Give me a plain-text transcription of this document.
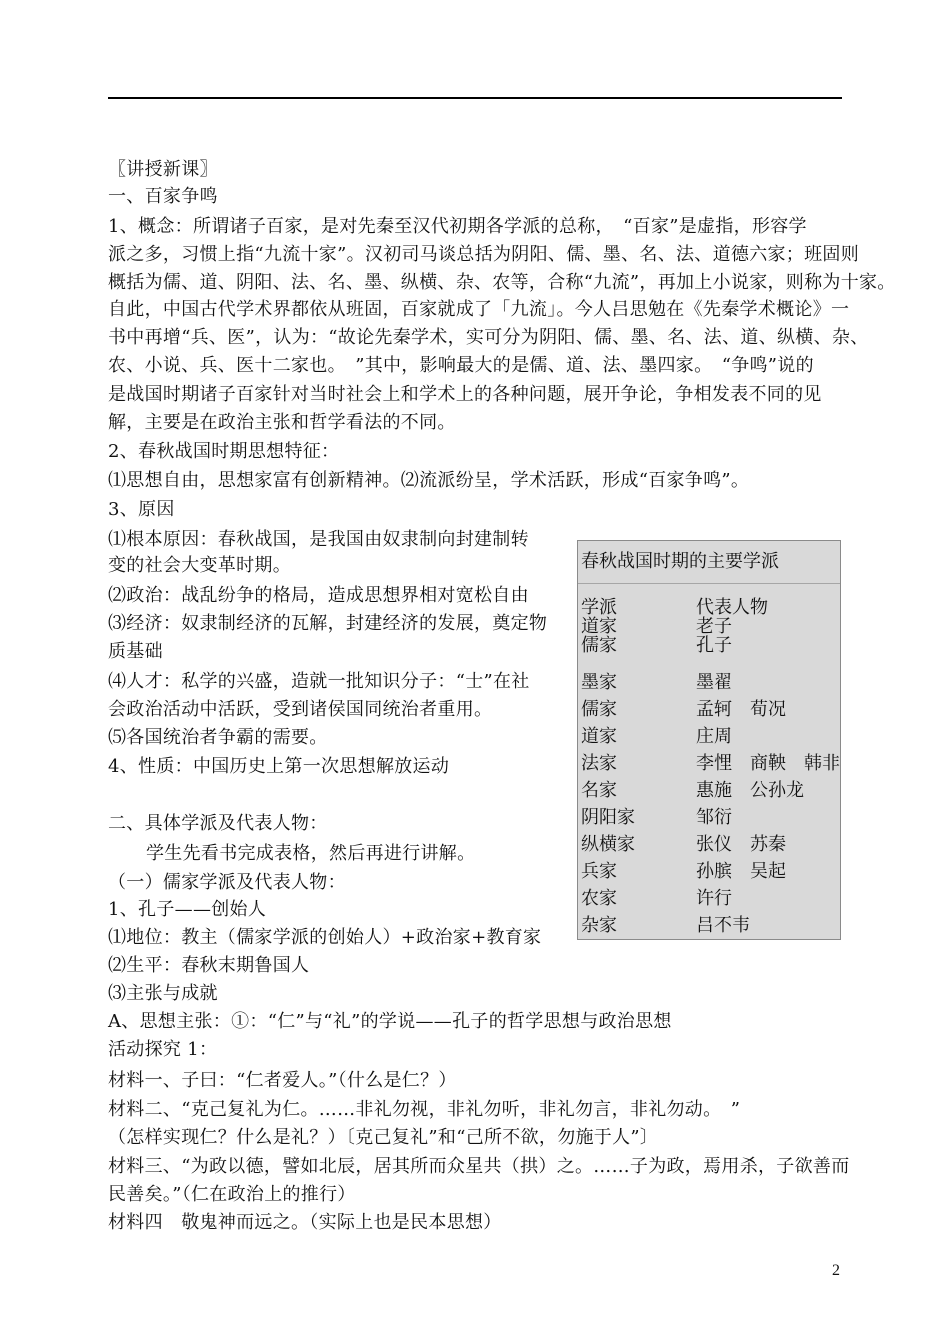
〖讲授新课〗
一、百家争鸣
1、概念：所谓诸子百家，是对先秦至汉代初期各学派的总称，　“百家”是虚指，形容学
派之多，习惯上指“九流十家”。汉初司马谈总括为阴阳、儒、墨、名、法、道德六家；班固则
概括为儒、道、阴阳、法、名、墨、纵横、杂、农等，合称“九流”，再加上小说家，则称为十家。
自此，中国古代学术界都依从班固，百家就成了「九流」。今人吕思勉在《先秦学术概论》一
书中再增“兵、医”，认为：“故论先秦学术，实可分为阴阳、儒、墨、名、法、道、纵横、杂、
农、小说、兵、医十二家也。　”其中，影响最大的是儒、道、法、墨四家。　“争鸣”说的
是战国时期诸子百家针对当时社会上和学术上的各种问题，展开争论，争相发表不同的见
解，主要是在政治主张和哲学看法的不同。
2、春秋战国时期思想特征：
⑴思想自由，思想家富有创新精神。⑵流派纷呈，学术活跃，形成“百家争鸣”。
3、原因
⑴根本原因：春秋战国，是我国由奴隶制向封建制转
变的社会大变革时期。
⑵政治：战乱纷争的格局，造成思想界相对宽松自由
⑶经济：奴隶制经济的瓦解，封建经济的发展，奠定物
质基础
⑷人才：私学的兴盛，造就一批知识分子：“士”在社
会政治活动中活跃，受到诸侯国同统治者重用。
⑸各国统治者争霸的需要。
4、性质：中国历史上第一次思想解放运动
二、具体学派及代表人物：
学生先看书完成表格，然后再进行讲解。
（一）儒家学派及代表人物：
1、孔子——创始人
⑴地位：教主（儒家学派的创始人）+政治家+教育家
⑵生平：春秋末期鲁国人
⑶主张与成就
A、思想主张：①：“仁”与“礼”的学说——孔子的哲学思想与政治思想
活动探究 1：
材料一、子曰：“仁者爱人。”（什么是仁？）
材料二、“克己复礼为仁。……非礼勿视，非礼勿听，非礼勿言，非礼勿动。　”
（怎样实现仁？什么是礼？）〔克己复礼”和“己所不欲，勿施于人”〕
材料三、“为政以德，譬如北辰，居其所而众星共（拱）之。……子为政，焉用杀，子欲善而
民善矣。”（仁在政治上的推行）
材料四　敬鬼神而远之。（实际上也是民本思想）
春秋战国时期的主要学派
学派	代表人物
道家	老子
儒家	孔子
墨家	墨翟
儒家	孟轲　荀况
道家	庄周
法家	李悝　商鞅　韩非
名家	惠施　公孙龙
阴阳家	邹衍
纵横家	张仪　苏秦
兵家	孙膑　吴起
农家	许行
杂家	吕不韦
2
